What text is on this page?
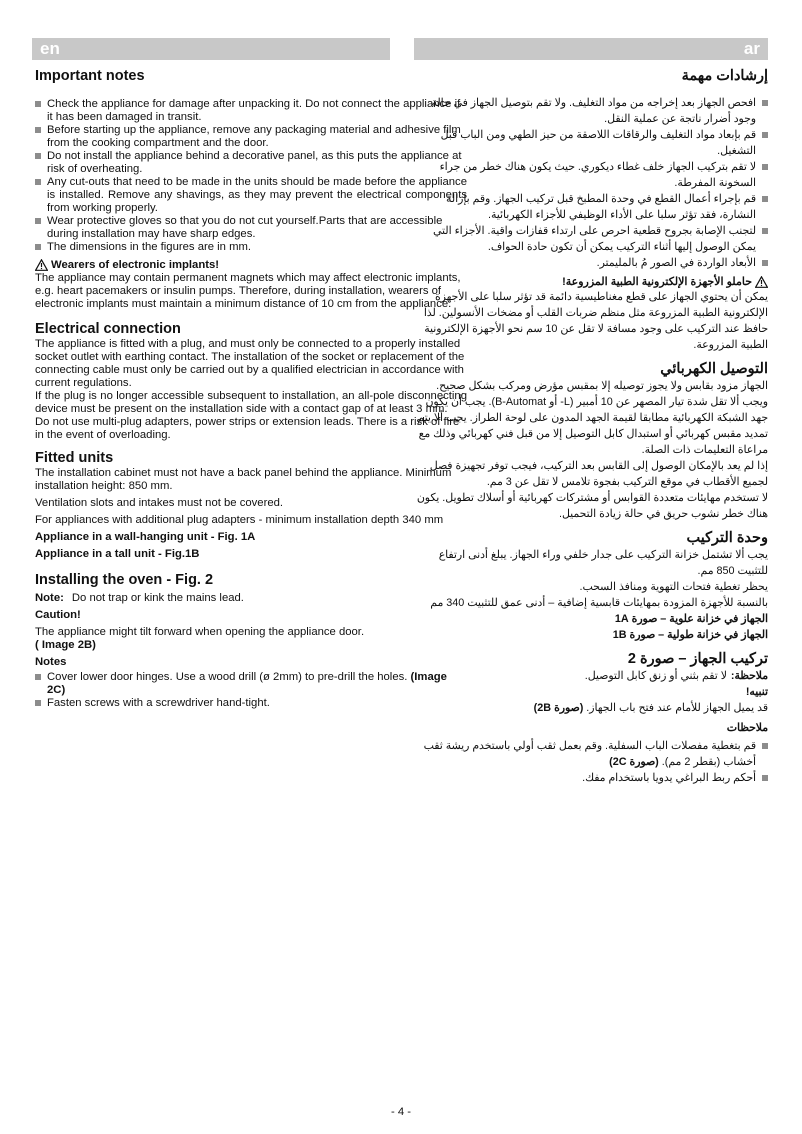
en
Important notes
Check the appliance for damage after unpacking it. Do not connect the appliance if it has been damaged in transit.
Before starting up the appliance, remove any packaging material and adhesive film from the cooking compartment and the door.
Do not install the appliance behind a decorative panel, as this puts the appliance at risk of overheating.
Any cut-outs that need to be made in the units should be made before the appliance is installed. Remove any shavings, as they may prevent the electrical components from working properly.
Wear protective gloves so that you do not cut yourself.Parts that are accessible during installation may have sharp edges.
The dimensions in the figures are in mm.
Wearers of electronic implants!

The appliance may contain permanent magnets which may affect electronic implants, e.g. heart pacemakers or insulin pumps. Therefore, during installation, wearers of electronic implants must maintain a minimum distance of 10 cm from the appliance.

Electrical connection

The appliance is fitted with a plug, and must only be connected to a properly installed socket outlet with earthing contact. The installation of the socket or replacement of the connecting cable must only be carried out by a qualified electrician in accordance with current regulations.

If the plug is no longer accessible subsequent to installation, an all-pole disconnecting device must be present on the installation side with a contact gap of at least 3 mm.

Do not use multi-plug adapters, power strips or extension leads. There is a risk of fire in the event of overloading.

Fitted units

The installation cabinet must not have a back panel behind the appliance. Minimum installation height: 850 mm.

Ventilation slots and intakes must not be covered.

For appliances with additional plug adapters - minimum installation depth 340 mm

Appliance in a wall-hanging unit - Fig. 1A

Appliance in a tall unit - Fig.1B

Installing the oven - Fig. 2

Note: Do not trap or kink the mains lead.

Caution!

The appliance might tilt forward when opening the appliance door.
( Image 2B)

Notes

Cover lower door hinges. Use a wood drill (ø 2mm) to pre-drill the holes. (Image 2C)
Fasten screws with a screwdriver hand-tight.
ar
إرشادات مهمة
افحص الجهاز بعد إخراجه من مواد التغليف. ولا تقم بتوصيل الجهاز في حالة وجود أضرار ناتجة عن عملية النقل.
قم بإبعاد مواد التغليف والرقاقات اللاصقة من حيز الطهي ومن الباب قبل التشغيل.
لا تقم بتركيب الجهاز خلف غطاء ديكوري. حيث يكون هناك خطر من جراء السخونة المفرطة.
قم بإجراء أعمال القطع في وحدة المطبخ قبل تركيب الجهاز. وقم بإزالة النشارة، فقد تؤثر سلبا على الأداء الوظيفي للأجزاء الكهربائية.
لتجنب الإصابة بجروح قطعية احرص على ارتداء قفازات واقية. الأجزاء التي يمكن الوصول إليها أثناء التركيب يمكن أن تكون حادة الحواف.
الأبعاد الواردة في الصور مُ بالمليمتر.
حاملو الأجهزة الإلكترونية الطبية المزروعة!

يمكن أن يحتوي الجهاز على قطع مغناطيسية دائمة قد تؤثر سلبا على الأجهزة الإلكترونية الطبية المزروعة مثل منظم ضربات القلب أو مضخات الأنسولين. لذا حافظ عند التركيب على وجود مسافة لا تقل عن 10 سم نحو الأجهزة الإلكترونية الطبية المزروعة.

التوصيل الكهربائي

الجهاز مزود بقابس ولا يجوز توصيله إلا بمقبس مؤرض ومركب بشكل صحيح. ويجب ألا تقل شدة تيار المصهر عن 10 أمبير (L- أو B-Automat). يجب أن يكون جهد الشبكة الكهربائية مطابقا لقيمة الجهد المدون على لوحة الطراز. يجب ألا يتم تمديد مقبس كهربائي أو استبدال كابل التوصيل إلا من قبل فني كهربائي وذلك مع مراعاة التعليمات ذات الصلة.

إذا لم يعد بالإمكان الوصول إلى القابس بعد التركيب، فيجب توفر تجهيزة فصل لجميع الأقطاب في موقع التركيب بفجوة تلامس لا تقل عن 3 مم.

لا تستخدم مهايئات متعددة القوابس أو مشتركات كهربائية أو أسلاك تطويل. يكون هناك خطر نشوب حريق في حالة زيادة التحميل.

وحدة التركيب

يجب ألا تشتمل خزانة التركيب على جدار خلفي وراء الجهاز. يبلغ أدنى ارتفاع للتثبيت 850 مم.

يحظر تغطية فتحات التهوية ومنافذ السحب.

بالنسبة للأجهزة المزودة بمهايئات قابسية إضافية – أدنى عمق للتثبيت 340 مم

الجهاز في خزانة علوية – صورة 1A

الجهاز في خزانة طولية – صورة 1B

تركيب الجهاز – صورة 2

ملاحظة:لا تقم بثني أو زنق كابل التوصيل.

تنبيه!

قد يميل الجهاز للأمام عند فتح باب الجهاز. (صورة 2B)

ملاحظات

قم بتغطية مفصلات الباب السفلية. وقم بعمل ثقب أولي باستخدم ريشة ثقب أخشاب (بقطر 2 مم). (صورة 2C)
أحكم ربط البراغي يدويا باستخدام مفك.
- 4 -
